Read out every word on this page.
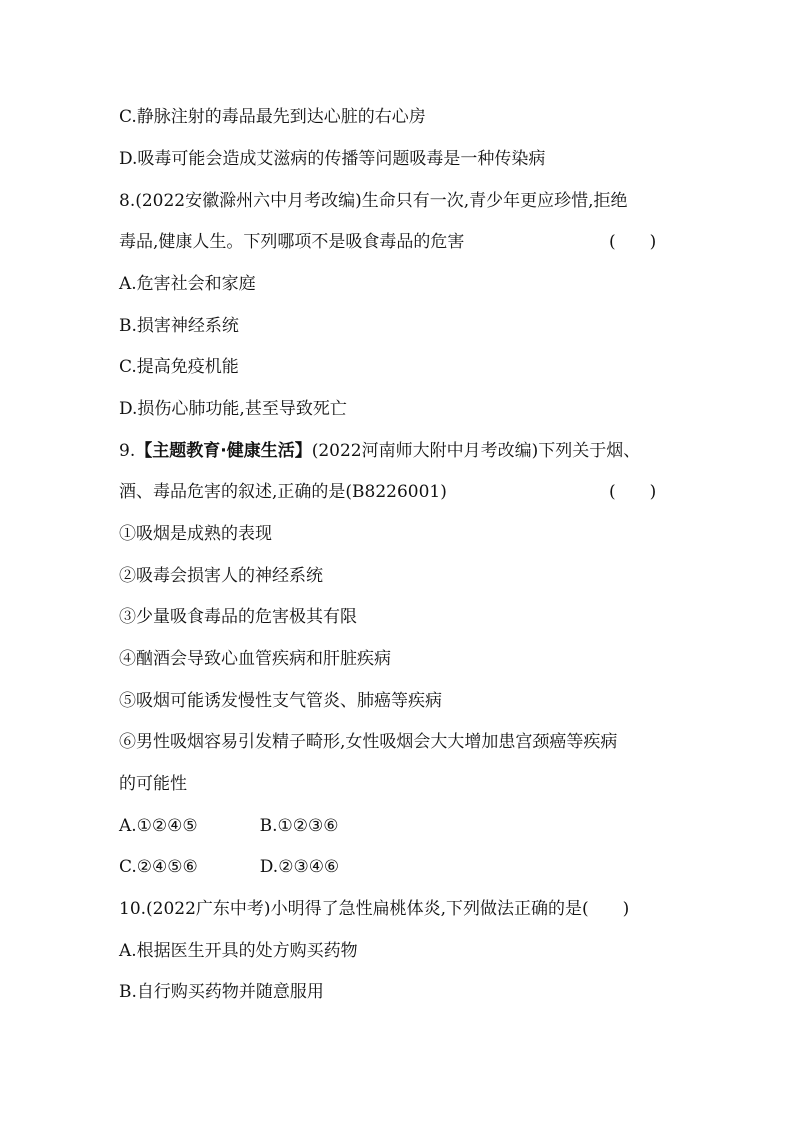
C.静脉注射的毒品最先到达心脏的右心房
D.吸毒可能会造成艾滋病的传播等问题吸毒是一种传染病
8.(2022安徽滁州六中月考改编)生命只有一次,青少年更应珍惜,拒绝
毒品,健康人生。下列哪项不是吸食毒品的危害	(　　)
A.危害社会和家庭
B.损害神经系统
C.提高免疫机能
D.损伤心肺功能,甚至导致死亡
9.【主题教育·健康生活】(2022河南师大附中月考改编)下列关于烟、
酒、毒品危害的叙述,正确的是(B8226001)	(　　)
①吸烟是成熟的表现
②吸毒会损害人的神经系统
③少量吸食毒品的危害极其有限
④酗酒会导致心血管疾病和肝脏疾病
⑤吸烟可能诱发慢性支气管炎、肺癌等疾病
⑥男性吸烟容易引发精子畸形,女性吸烟会大大增加患宫颈癌等疾病
的可能性
A.①②④⑤	B.①②③⑥
C.②④⑤⑥	D.②③④⑥
10.(2022广东中考)小明得了急性扁桃体炎,下列做法正确的是(　　)
A.根据医生开具的处方购买药物
B.自行购买药物并随意服用
